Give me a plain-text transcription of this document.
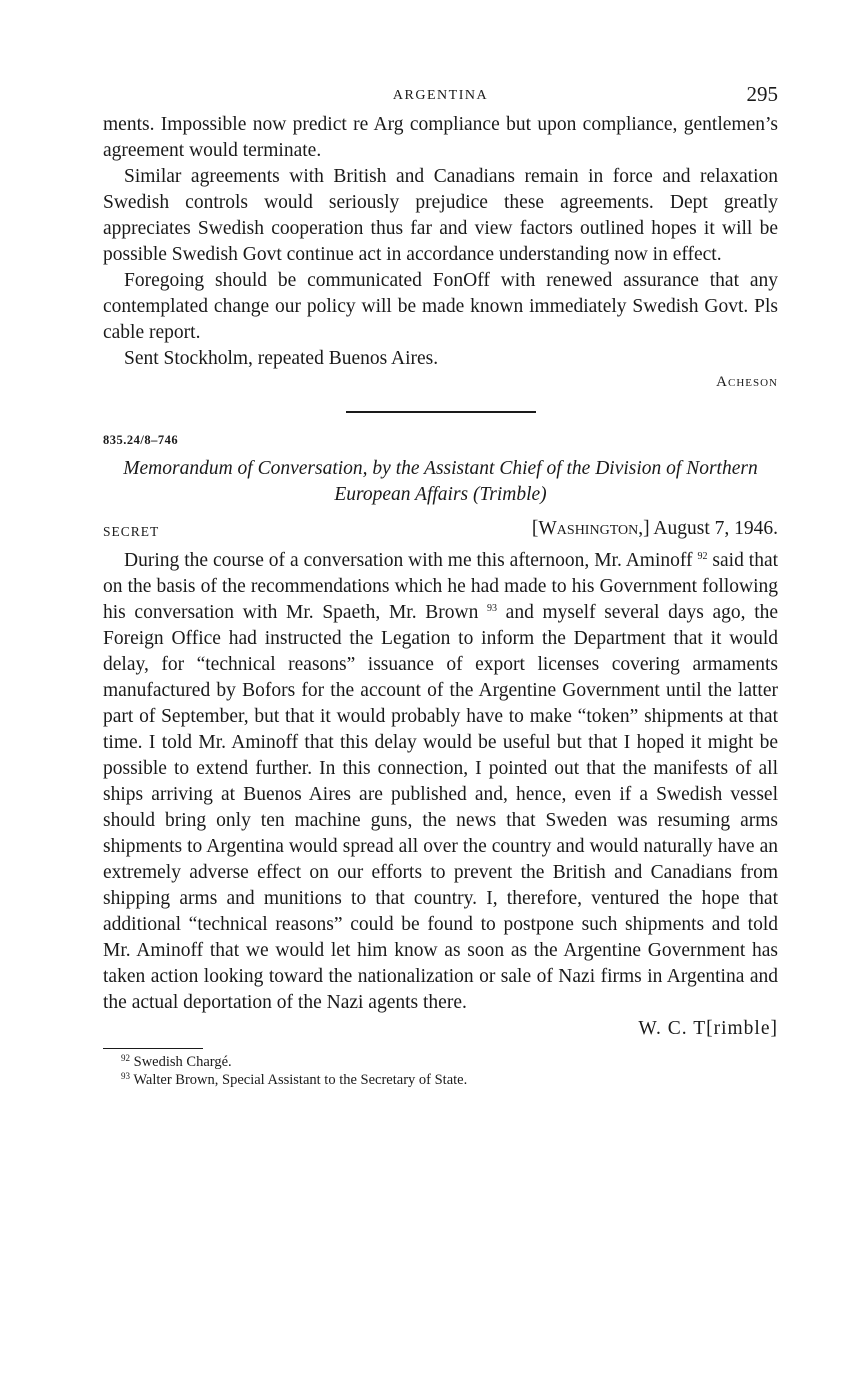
ARGENTINA	295

ments. Impossible now predict re Arg compliance but upon compliance, gentlemen’s agreement would terminate.

Similar agreements with British and Canadians remain in force and relaxation Swedish controls would seriously prejudice these agreements. Dept greatly appreciates Swedish cooperation thus far and view factors outlined hopes it will be possible Swedish Govt continue act in accordance understanding now in effect.

Foregoing should be communicated FonOff with renewed assurance that any contemplated change our policy will be made known immediately Swedish Govt. Pls cable report.

Sent Stockholm, repeated Buenos Aires.

Acheson
835.24/8–746
Memorandum of Conversation, by the Assistant Chief of the Division of Northern European Affairs (Trimble)
SECRET	[Washington,] August 7, 1946.

During the course of a conversation with me this afternoon, Mr. Aminoff $^{92}$ said that on the basis of the recommendations which he had made to his Government following his conversation with Mr. Spaeth, Mr. Brown $^{93}$ and myself several days ago, the Foreign Office had instructed the Legation to inform the Department that it would delay, for “technical reasons” issuance of export licenses covering armaments manufactured by Bofors for the account of the Argentine Government until the latter part of September, but that it would probably have to make “token” shipments at that time. I told Mr. Aminoff that this delay would be useful but that I hoped it might be possible to extend further. In this connection, I pointed out that the manifests of all ships arriving at Buenos Aires are published and, hence, even if a Swedish vessel should bring only ten machine guns, the news that Sweden was resuming arms shipments to Argentina would spread all over the country and would naturally have an extremely adverse effect on our efforts to prevent the British and Canadians from shipping arms and munitions to that country. I, therefore, ventured the hope that additional “technical reasons” could be found to postpone such shipments and told Mr. Aminoff that we would let him know as soon as the Argentine Government has taken action looking toward the nationalization or sale of Nazi firms in Argentina and the actual deportation of the Nazi agents there.

W. C. T[rimble]
$^{92}$ Swedish Chargé.
$^{93}$ Walter Brown, Special Assistant to the Secretary of State.
